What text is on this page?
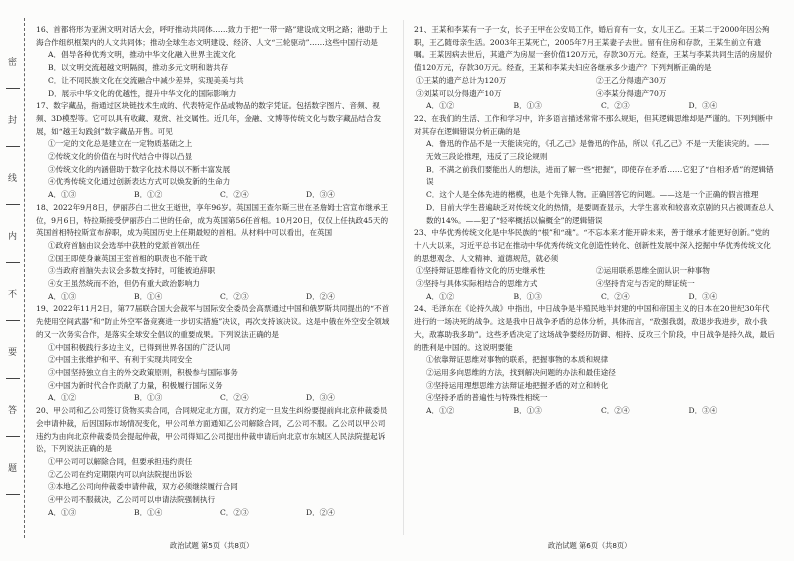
密
封
线
内
不
要
答
题

16、首都将形为亚洲文明对话大会，呼吁推动共同体……致力于把“一带一路”建设成文明之路；港助于上海合作组织框架内的人文共同体；推动全球生态文明建设、经济、人文“三轮驱动”……这些中国行动是

A．倡导各种优秀文明，推动中华文化融入世界主流文化
B．以文明交流超越文明隔阂，推动多元文明和谐共存
C．让不同民族文化在交流融合中减少差异，实现美美与共
D．展示中华文化的优越性，提升中华文化的国际影响力

17、数字藏品，指通过区块链技术生成的、代表特定作品或物品的数字凭证。包括数字图片、音频、视频、3D模型等。它可以具有收藏、观赏、社交属性。近几年，金融、文博等传统文化与数字藏品结合发展，如“越王勾践剑”数字藏品开售。可见

①一定的文化总是建立在一定物质基础之上
②传统文化的价值在与时代结合中得以凸显
③传统文化的内涵借助于数字化技术得以不断丰富发展
④优秀传统文化通过创新表达方式可以焕发新的生命力
A．①③	B．①②	C．②④	D．③④

18、2022年9月8日，伊丽莎白二世女王逝世，享年96岁。英国国王查尔斯三世在圣詹姆士宫宣布继承王位，9月6日，特拉斯接受伊丽莎白二世的任命，成为英国第56任首相。10月20日，仅仅上任执政45天的英国首相特拉斯宣布辞职，成为英国历史上任期最短的首相。从材料中可以看出，在英国

①政府首脑由议会选举中获胜的党派首领出任
②国王即使身兼英国王室首相的职责也不能干政
③当政府首脑失去议会多数支持时，可能被迫辞职
④女王虽然统而不治，但仍有重大政治影响力
A．①③	B．①④	C．②③	D．②④

19、2022年11月2日，第77届联合国大会裁军与国际安全委员会高票通过中国和俄罗斯共同提出的“不首先使用空间武器”和“防止外空军备竞赛进一步切实措施”决议，再次支持该决议。这是中俄在外空安全领域的又一次务实合作，是落实全球安全倡议的重要成果。下列说法正确的是

①中国积极践行多边主义，已得到世界各国的广泛认同
②中国主张维护和平、有利于实现共同安全
③中国坚持独立自主的外交政策原则，积极参与国际事务
④中国为新时代合作贡献了力量，积极履行国际义务
A．①②	B．①③	C．②④	D．③④

20、甲公司和乙公司签订货物买卖合同，合同规定北方面，双方约定一旦发生纠纷要提前向北京仲裁委员会申请仲裁，后因国际市场情况变化，甲公司单方面通知乙公司解除合同，乙公司不服。乙公司以甲公司违约为由向北京仲裁委员会提起仲裁，甲公司得知乙公司提出仲裁申请后向北京市东城区人民法院提起诉讼，下列说法正确的是

①甲公司可以解除合同，但要承担违约责任
②乙公司在约定期限内可以向法院提出诉讼
③本地乙公司向仲裁委申请仲裁，双方必须继续履行合同
④甲公司不服裁决，乙公司可以申请法院强制执行
A．①③	B．①④	C．②③	D．②④

21、王某和李某有一子一女，长子王甲在公安局工作，婚后育有一女，女儿王乙。王某二于2000年因公殉职，王乙随母亲生活。2003年王某死亡，2005年7月王某妻子去世。留有住房和存款，王某生前立有遗嘱。王某因病去世后，其遗产为房屋一套价值120万元，存款30万元。经查，王某与李某共同生活的房屋价值120万元，存款30万元。经查，王某和李某夫妇应各继承多少遗产？下列判断正确的是

①王某的遗产总计为120万	②王乙分得遗产30万
③刘某可以分得遗产10万	④李某分得遗产70万
A．①②	B．①③	C．②③	D．③④

22、在我们的生活、工作和学习中，许多语言描述常常不那么规矩，但其逻辑思维却是严谨的。下列判断中对其存在逻辑错误分析正确的是

A．鲁迅的作品不是一天能读完的，《孔乙己》是鲁迅的作品，所以《孔乙己》不是一天能读完的。——无效三段论推理，违反了三段论规则

B．不满之前我们要能出人的想法，进而了解一些“把握”，即使存在矛盾……它犯了“自相矛盾”的逻辑错误

C．这个人是全体先进的楷模，也是个先锋人物。正确回答它的问题。——这是一个正确的假言推理

D．目前大学生普遍缺乏对传统文化的热情，是要调查显示，大学生喜欢和较喜欢京剧的只占被调查总人数的14%。——犯了“轻率概括以偏概全”的逻辑错误

23、中华优秀传统文化是中华民族的“根”和“魂”。“不忘本来才能开辟未来，善于继承才能更好创新。”党的十八大以来，习近平总书记在推动中华优秀传统文化创造性转化、创新性发展中深入挖掘中华优秀传统文化的思想观念、人文精神、道德规范，就必须

①坚持辩证思维看待文化的历史继承性	②运用联系思维全面认识一种事物
③坚持与具体实际相结合的思维方式	④坚持肯定与否定的辩证统一
A．①②	B．①③	C．②④	D．③④

24、毛泽东在《论持久战》中指出，中日战争是半殖民地半封建的中国和帝国主义的日本在20世纪30年代进行的一场决死的战争。这是我中日战争矛盾的总体分析，具体而言，“敌强我弱，敌退步我进步，敌小我大，敌寡助我多助”。这些矛盾决定了这场战争要经历防御、相持、反攻三个阶段，中日战争是持久战，最后的胜利是中国的。这说明要能

①依靠辩证思维对事物的联系，把握事物的本质和规律
②运用多向思维的方法，找到解决问题的办法和最佳途径
③坚持运用理想思维方法辩证地把握矛盾的对立和转化
④坚持矛盾的普遍性与特殊性相统一
A．①②	B．①③	C．②④	D．③④
政治试题 第5页（共8页）	政治试题 第6页（共8页）
